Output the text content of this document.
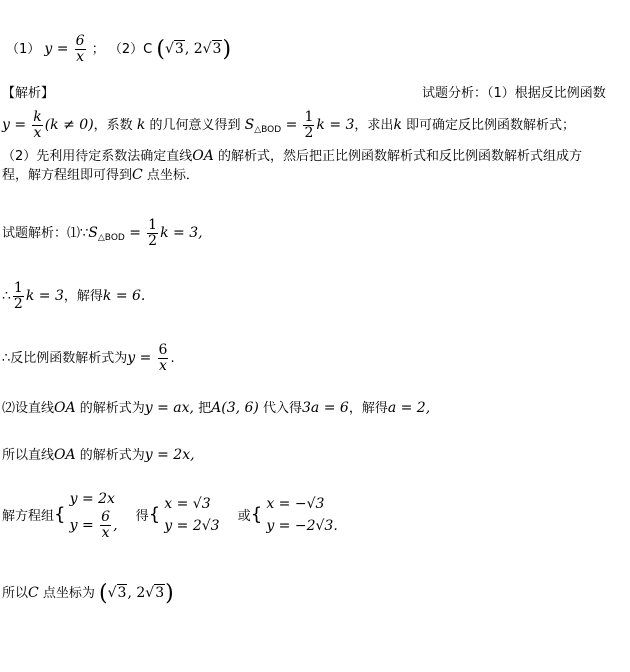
（1） $y = \frac{6}{x}$ ； （2）C (√3, 2√3)
【解析】	试题分析：（1）根据反比例函数
$y = \frac{k}{x} (k \ne 0)$，系数 k 的几何意义得到 $S_{\triangle BOD} = \frac{1}{2}$ k = 3，求出k 即可确定反比例函数解析式；
（2）先利用待定系数法确定直线OA 的解析式，然后把正比例函数解析式和反比例函数解析式组成方
程，解方程组即可得到C 点坐标．
试题解析：$⑴\because S_{\triangle BOD} = \frac{1}{2}$ k = 3,
∴ $\frac{1}{2}$ k = 3，解得k = 6.
∴反比例函数解析式为$y = \frac{6}{x}$ .
⑵设直线OA 的解析式为y = ax, 把A(3, 6) 代入得3a = 6，解得a = 2,
所以直线OA 的解析式为y = 2x,
解方程组{
y = 2x
$y = \frac{6}{x}$ ,
得{
x = √3
y = 2√3
或{
x = −√3
y = −2√3.
所以C 点坐标为 (√3, 2√3)
